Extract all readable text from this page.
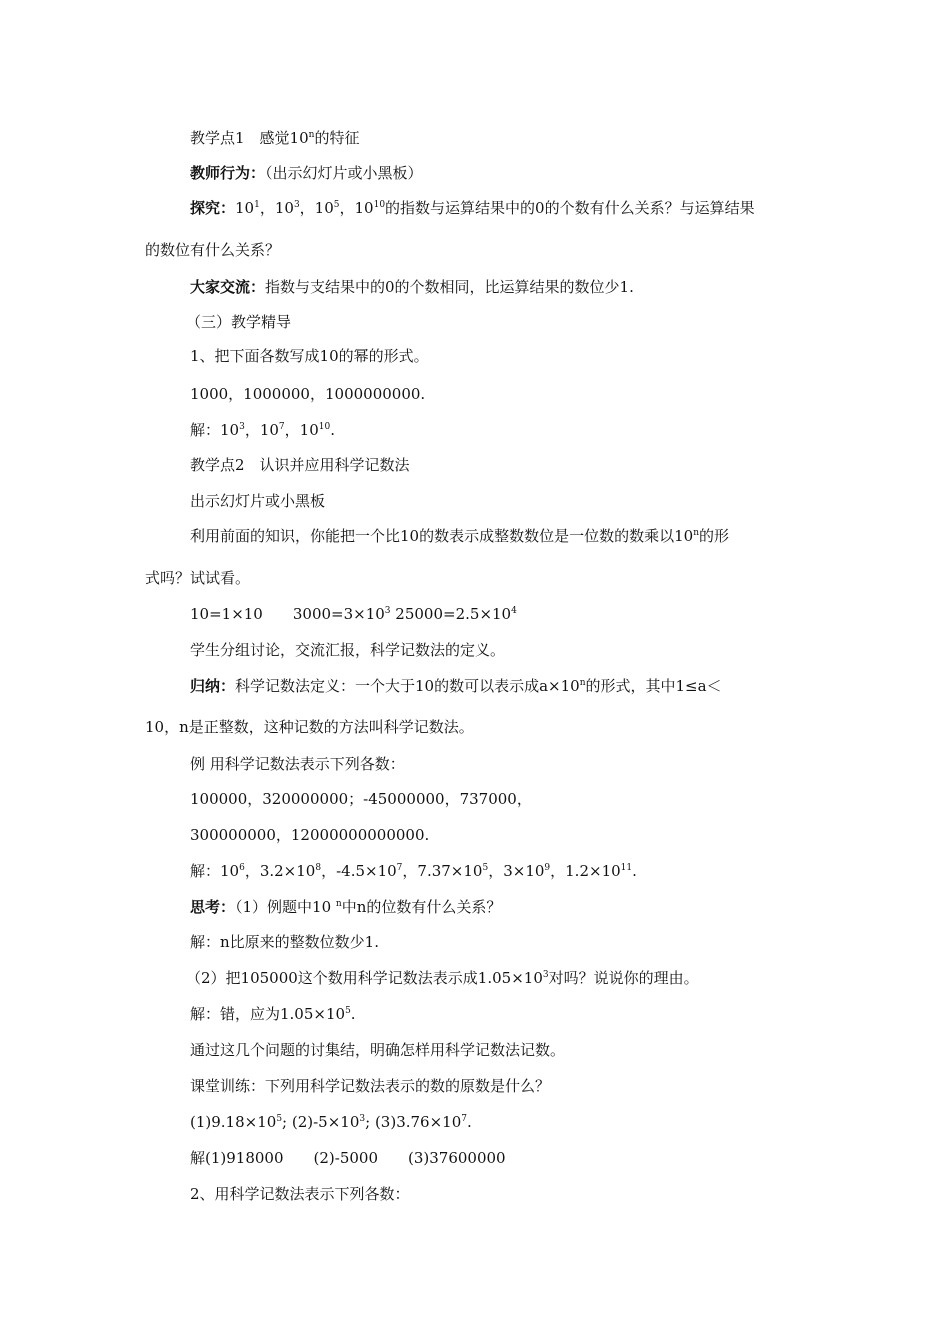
教学点1　感觉10$^n$的特征
教师行为：（出示幻灯片或小黑板）
探究：$10^1$，$10^3$，$10^5$，$10^{10}$的指数与运算结果中的0的个数有什么关系？与运算结果
的数位有什么关系？
大家交流：指数与支结果中的0的个数相同，比运算结果的数位少1.
（三）教学精导
1、把下面各数写成10的幂的形式。
1000，1000000，1000000000.
解：$10^3$，$10^7$，$10^{10}$.
教学点2　认识并应用科学记数法
出示幻灯片或小黑板
利用前面的知识，你能把一个比10的数表示成整数数位是一位数的数乘以10$^n$的形
式吗？试试看。
10=1×10　　$3000=3\times 10^3$ $25000=2.5\times 10^4$
学生分组讨论，交流汇报，科学记数法的定义。
归纳：科学记数法定义：一个大于10的数可以表示成$a\times 10^n$的形式，其中1≤a＜
10，n是正整数，这种记数的方法叫科学记数法。
例 用科学记数法表示下列各数：
100000，320000000；-45000000，737000，
300000000，12000000000000.
解：$10^6$，$3.2\times 10^8$，$-4.5\times 10^7$，$7.37\times 10^5$，$3\times 10^9$，$1.2\times 10^{11}$.
思考：（1）例题中10 $^n$中n的位数有什么关系？
解：n比原来的整数位数少1.
（2）把105000这个数用科学记数法表示成$1.05\times 10^3$对吗？说说你的理由。
解：错，应为$1.05\times 10^5$.
通过这几个问题的讨集结，明确怎样用科学记数法记数。
课堂训练：下列用科学记数法表示的数的原数是什么？
$(1)9.18\times 10^5$; $(2)-5\times 10^3$; $(3)3.76\times 10^7$.
解(1)918000　　(2)-5000　　(3)37600000
2、用科学记数法表示下列各数：
